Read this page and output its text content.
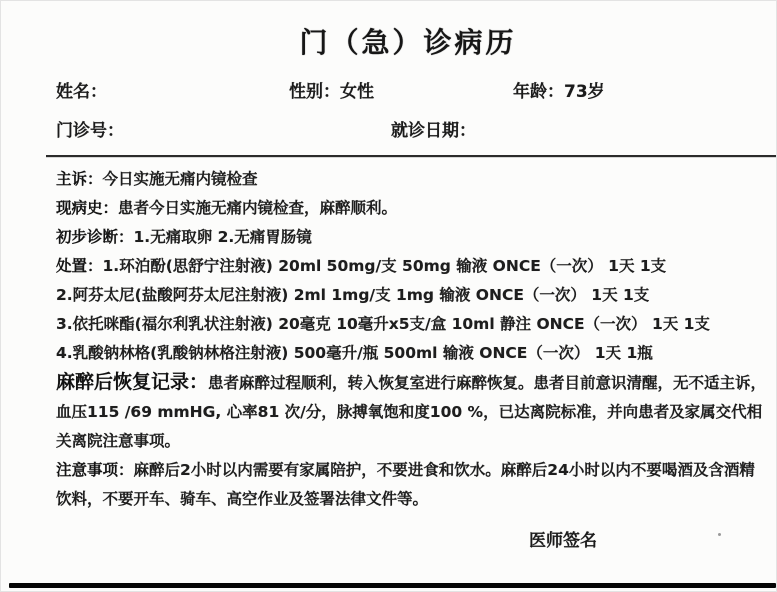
门（急）诊病历
姓名：	性别：女性	年龄：73岁
门诊号：	就诊日期：
主诉：今日实施无痛内镜检查
现病史：患者今日实施无痛内镜检查，麻醉顺利。
初步诊断：1.无痛取卵 2.无痛胃肠镜
处置：1.环泊酚(思舒宁注射液) 20ml 50mg/支 50mg 输液 ONCE（一次） 1天 1支
2.阿芬太尼(盐酸阿芬太尼注射液) 2ml 1mg/支 1mg 输液 ONCE（一次） 1天 1支
3.依托咪酯(福尔利乳状注射液) 20毫克 10毫升x5支/盒 10ml 静注 ONCE（一次） 1天 1支
4.乳酸钠林格(乳酸钠林格注射液) 500毫升/瓶 500ml 输液 ONCE（一次） 1天 1瓶
麻醉后恢复记录：患者麻醉过程顺利，转入恢复室进行麻醉恢复。患者目前意识清醒，无不适主诉，血压115 /69 mmHG, 心率81 次/分，脉搏氧饱和度100 %，已达离院标准，并向患者及家属交代相关离院注意事项。
注意事项：麻醉后2小时以内需要有家属陪护，不要进食和饮水。麻醉后24小时以内不要喝酒及含酒精饮料，不要开车、骑车、高空作业及签署法律文件等。
医师签名
